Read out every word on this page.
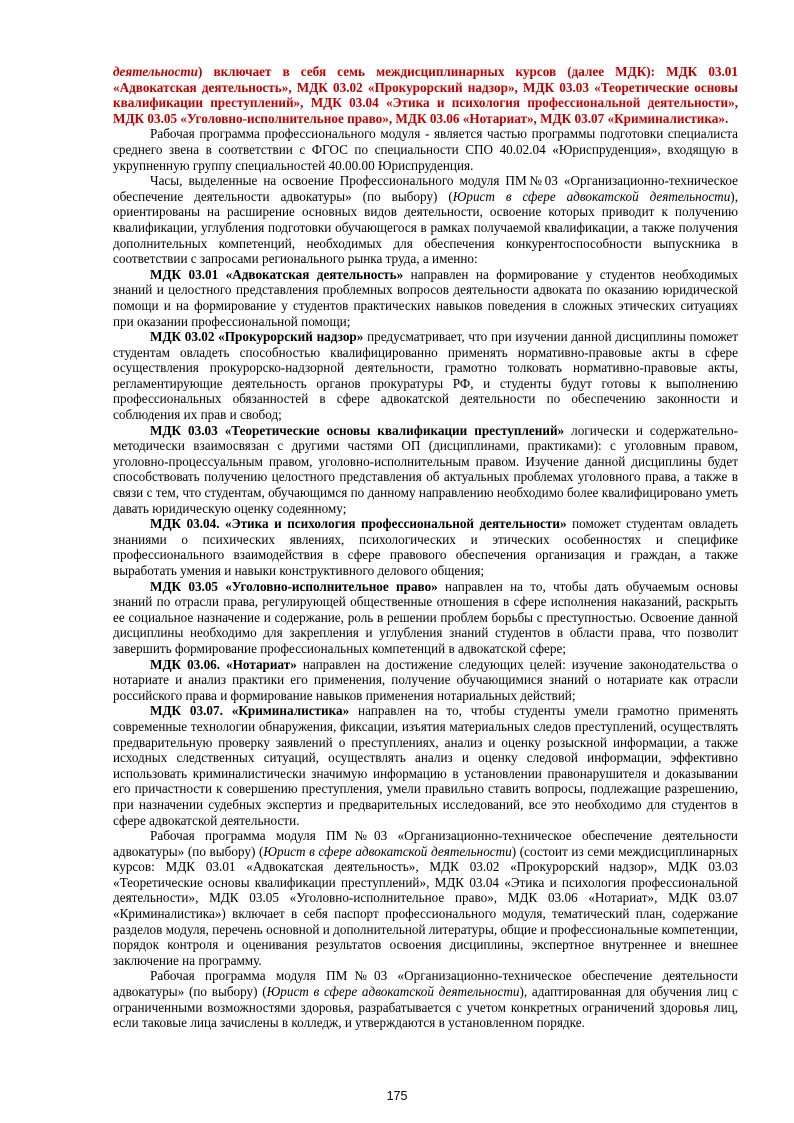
деятельности) включает в себя семь междисциплинарных курсов (далее МДК): МДК 03.01 «Адвокатская деятельность», МДК 03.02 «Прокурорский надзор», МДК 03.03 «Теоретические основы квалификации преступлений», МДК 03.04 «Этика и психология профессиональной деятельности», МДК 03.05 «Уголовно-исполнительное право», МДК 03.06 «Нотариат», МДК 03.07 «Криминалистика».

Рабочая программа профессионального модуля - является частью программы подготовки специалиста среднего звена в соответствии с ФГОС по специальности СПО 40.02.04 «Юриспруденция», входящую в укрупненную группу специальностей 40.00.00 Юриспруденция.

Часы, выделенные на освоение Профессионального модуля ПМ№03 «Организационно-техническое обеспечение деятельности адвокатуры» (по выбору) (Юрист в сфере адвокатской деятельности), ориентированы на расширение основных видов деятельности, освоение которых приводит к получению квалификации, углубления подготовки обучающегося в рамках получаемой квалификации, а также получения дополнительных компетенций, необходимых для обеспечения конкурентоспособности выпускника в соответствии с запросами регионального рынка труда, а именно:

МДК 03.01 «Адвокатская деятельность» направлен на формирование у студентов необходимых знаний и целостного представления проблемных вопросов деятельности адвоката по оказанию юридической помощи и на формирование у студентов практических навыков поведения в сложных этических ситуациях при оказании профессиональной помощи;

МДК 03.02 «Прокурорский надзор» предусматривает, что при изучении данной дисциплины поможет студентам овладеть способностью квалифицированно применять нормативно-правовые акты в сфере осуществления прокурорско-надзорной деятельности, грамотно толковать нормативно-правовые акты, регламентирующие деятельность органов прокуратуры РФ, и студенты будут готовы к выполнению профессиональных обязанностей в сфере адвокатской деятельности по обеспечению законности и соблюдения их прав и свобод;

МДК 03.03 «Теоретические основы квалификации преступлений» логически и содержательно-методически взаимосвязан с другими частями ОП (дисциплинами, практиками): с уголовным правом, уголовно-процессуальным правом, уголовно-исполнительным правом. Изучение данной дисциплины будет способствовать получению целостного представления об актуальных проблемах уголовного права, а также в связи с тем, что студентам, обучающимся по данному направлению необходимо более квалифицировано уметь давать юридическую оценку содеянному;

МДК 03.04. «Этика и психология профессиональной деятельности» поможет студентам овладеть знаниями о психических явлениях, психологических и этических особенностях и специфике профессионального взаимодействия в сфере правового обеспечения организация и граждан, а также выработать умения и навыки конструктивного делового общения;

МДК 03.05 «Уголовно-исполнительное право» направлен на то, чтобы дать обучаемым основы знаний по отрасли права, регулирующей общественные отношения в сфере исполнения наказаний, раскрыть ее социальное назначение и содержание, роль в решении проблем борьбы с преступностью. Освоение данной дисциплины необходимо для закрепления и углубления знаний студентов в области права, что позволит завершить формирование профессиональных компетенций в адвокатской сфере;

МДК 03.06. «Нотариат» направлен на достижение следующих целей: изучение законодательства о нотариате и анализ практики его применения, получение обучающимися знаний о нотариате как отрасли российского права и формирование навыков применения нотариальных действий;

МДК 03.07. «Криминалистика» направлен на то, чтобы студенты умели грамотно применять современные технологии обнаружения, фиксации, изъятия материальных следов преступлений, осуществлять предварительную проверку заявлений о преступлениях, анализ и оценку розыскной информации, а также исходных следственных ситуаций, осуществлять анализ и оценку следовой информации, эффективно использовать криминалистически значимую информацию в установлении правонарушителя и доказывании его причастности к совершению преступления, умели правильно ставить вопросы, подлежащие разрешению, при назначении судебных экспертиз и предварительных исследований, все это необходимо для студентов в сфере адвокатской деятельности.

Рабочая программа модуля ПМ№03 «Организационно-техническое обеспечение деятельности адвокатуры» (по выбору) (Юрист в сфере адвокатской деятельности) (состоит из семи междисциплинарных курсов: МДК 03.01 «Адвокатская деятельность», МДК 03.02 «Прокурорский надзор», МДК 03.03 «Теоретические основы квалификации преступлений», МДК 03.04 «Этика и психология профессиональной деятельности», МДК 03.05 «Уголовно-исполнительное право», МДК 03.06 «Нотариат», МДК 03.07 «Криминалистика») включает в себя паспорт профессионального модуля, тематический план, содержание разделов модуля, перечень основной и дополнительной литературы, общие и профессиональные компетенции, порядок контроля и оценивания результатов освоения дисциплины, экспертное внутреннее и внешнее заключение на программу.

Рабочая программа модуля ПМ№03 «Организационно-техническое обеспечение деятельности адвокатуры» (по выбору) (Юрист в сфере адвокатской деятельности), адаптированная для обучения лиц с ограниченными возможностями здоровья, разрабатывается с учетом конкретных ограничений здоровья лиц, если таковые лица зачислены в колледж, и утверждаются в установленном порядке.

175
